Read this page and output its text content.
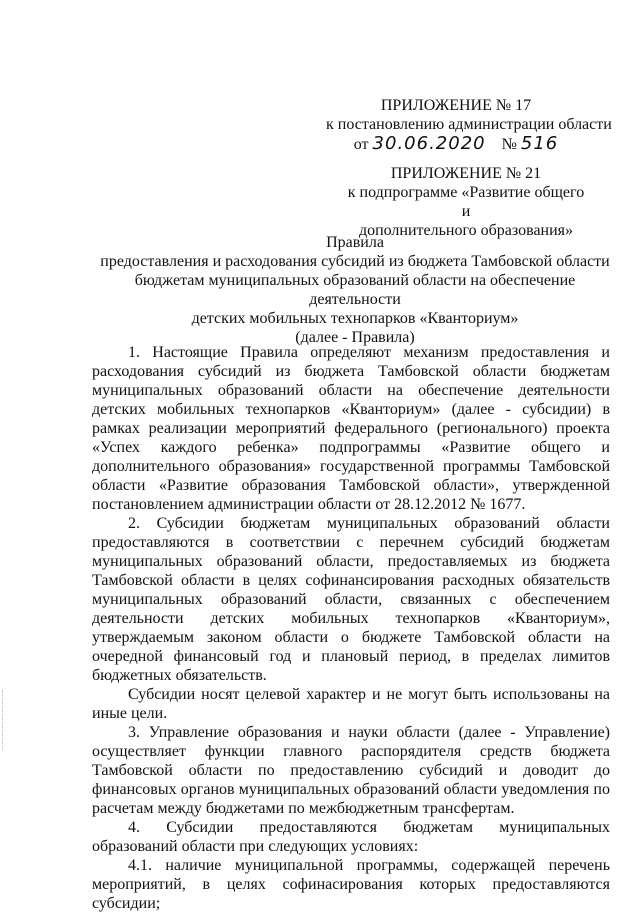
ПРИЛОЖЕНИЕ № 17
к постановлению администрации области
от 30.06.2020 № 516
ПРИЛОЖЕНИЕ № 21
к подпрограмме «Развитие общего и
дополнительного образования»
Правила
предоставления и расходования субсидий из бюджета Тамбовской области
бюджетам муниципальных образований области на обеспечение деятельности
детских мобильных технопарков «Кванториум»
(далее - Правила)

1. Настоящие Правила определяют механизм предоставления и расходования субсидий из бюджета Тамбовской области бюджетам муниципальных образований области на обеспечение деятельности детских мобильных технопарков «Кванториум» (далее - субсидии) в рамках реализации мероприятий федерального (регионального) проекта «Успех каждого ребенка» подпрограммы «Развитие общего и дополнительного образования» государственной программы Тамбовской области «Развитие образования Тамбовской области», утвержденной постановлением администрации области от 28.12.2012 № 1677.

2. Субсидии бюджетам муниципальных образований области предоставляются в соответствии с перечнем субсидий бюджетам муниципальных образований области, предоставляемых из бюджета Тамбовской области в целях софинансирования расходных обязательств муниципальных образований области, связанных с обеспечением деятельности детских мобильных технопарков «Кванториум», утверждаемым законом области о бюджете Тамбовской области на очередной финансовый год и плановый период, в пределах лимитов бюджетных обязательств.

Субсидии носят целевой характер и не могут быть использованы на иные цели.

3. Управление образования и науки области (далее - Управление) осуществляет функции главного распорядителя средств бюджета Тамбовской области по предоставлению субсидий и доводит до финансовых органов муниципальных образований области уведомления по расчетам между бюджетами по межбюджетным трансфертам.

4. Субсидии предоставляются бюджетам муниципальных образований области при следующих условиях:

4.1. наличие муниципальной программы, содержащей перечень мероприятий, в целях софинасирования которых предоставляются субсидии;
